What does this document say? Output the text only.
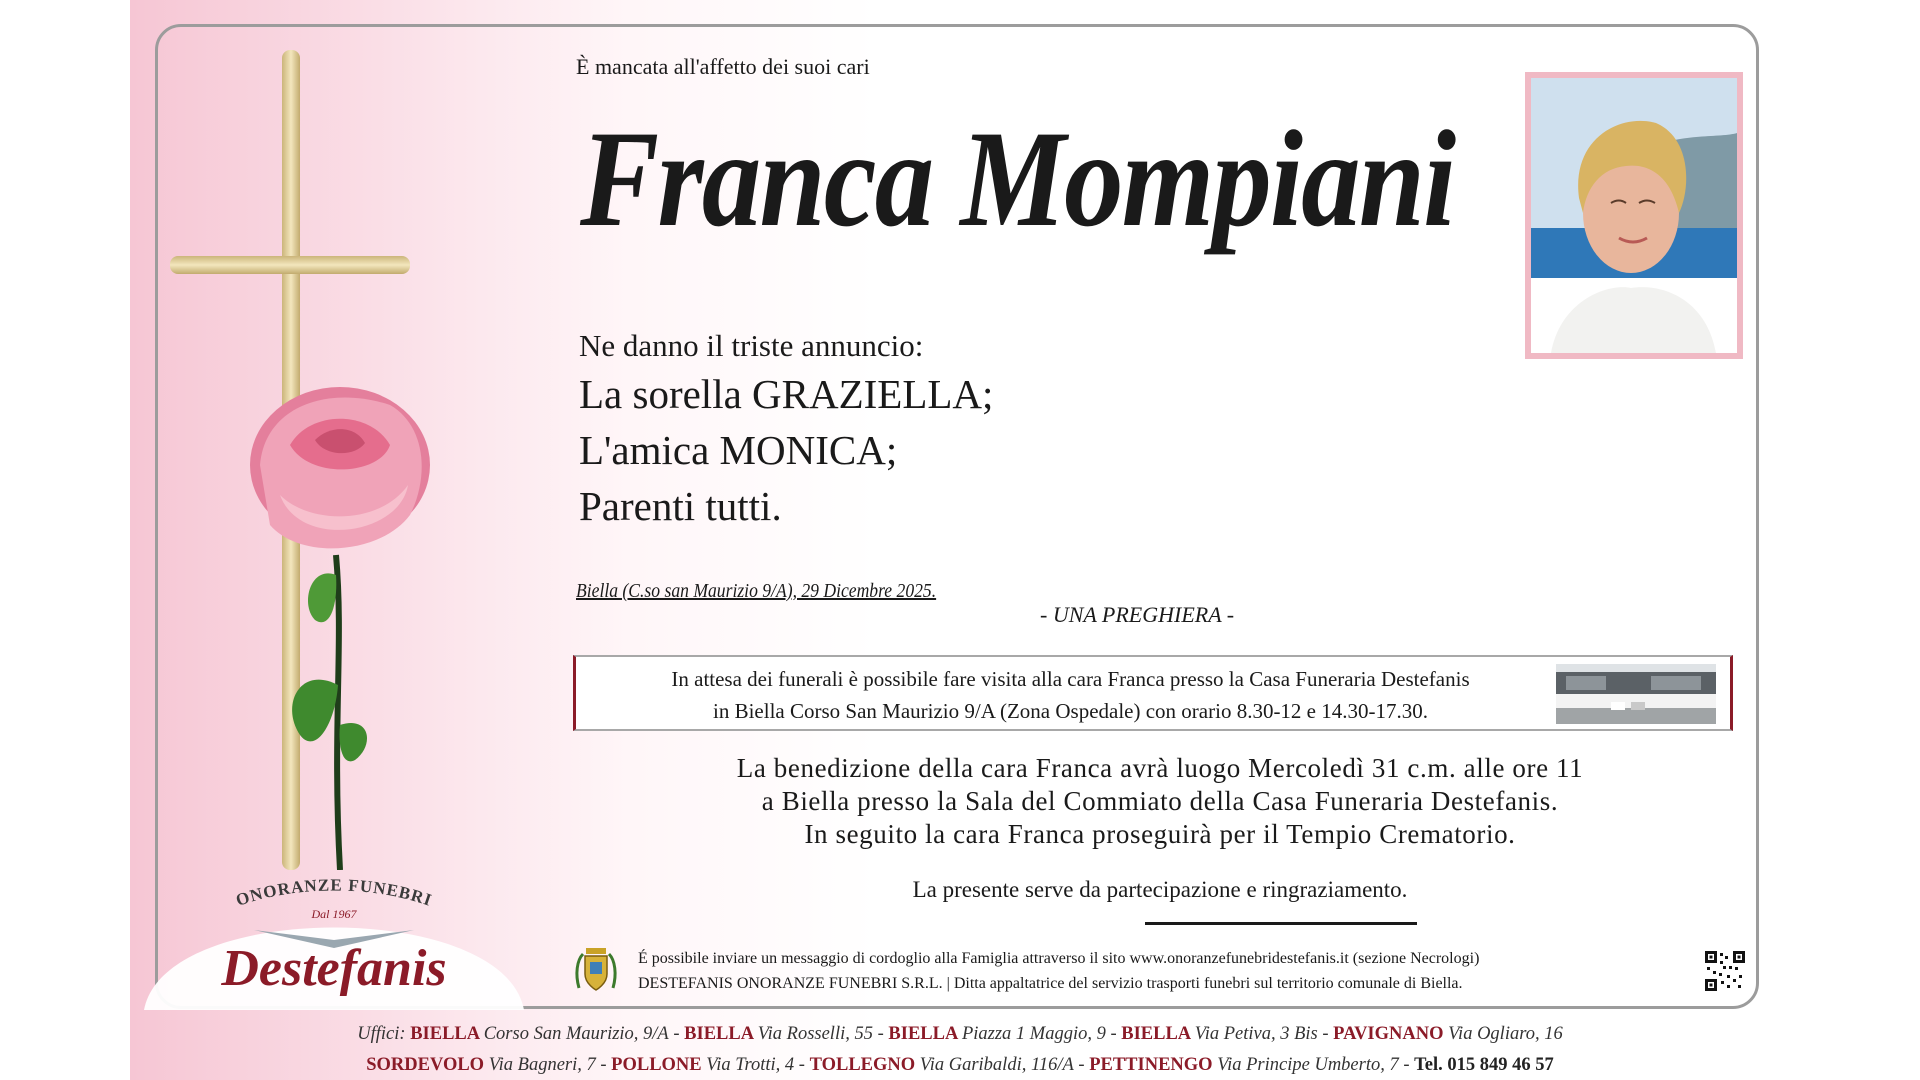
ONORANZE FUNEBRI
Dal 1967
Destefanis
È mancata all'affetto dei suoi cari
Franca Mompiani
Ne danno il triste annuncio:
La sorella GRAZIELLA;
L'amica MONICA;
Parenti tutti.
Biella (C.so san Maurizio 9/A), 29 Dicembre 2025.
- UNA PREGHIERA -
In attesa dei funerali è possibile fare visita alla cara Franca presso la Casa Funeraria Destefanis
in Biella Corso San Maurizio 9/A (Zona Ospedale) con orario 8.30-12 e 14.30-17.30.
La benedizione della cara Franca avrà luogo Mercoledì 31 c.m. alle ore 11
a Biella presso la Sala del Commiato della Casa Funeraria Destefanis.
In seguito la cara Franca proseguirà per il Tempio Crematorio.
La presente serve da partecipazione e ringraziamento.
É possibile inviare un messaggio di cordoglio alla Famiglia attraverso il sito www.onoranzefunebridestefanis.it (sezione Necrologi)
DESTEFANIS ONORANZE FUNEBRI S.R.L. | Ditta appaltatrice del servizio trasporti funebri sul territorio comunale di Biella.
Uffici: BIELLA Corso San Maurizio, 9/A - BIELLA Via Rosselli, 55 - BIELLA Piazza 1 Maggio, 9 - BIELLA Via Petiva, 3 Bis - PAVIGNANO Via Ogliaro, 16
SORDEVOLO Via Bagneri, 7 - POLLONE Via Trotti, 4 - TOLLEGNO Via Garibaldi, 116/A - PETTINENGO Via Principe Umberto, 7 - Tel. 015 849 46 57
